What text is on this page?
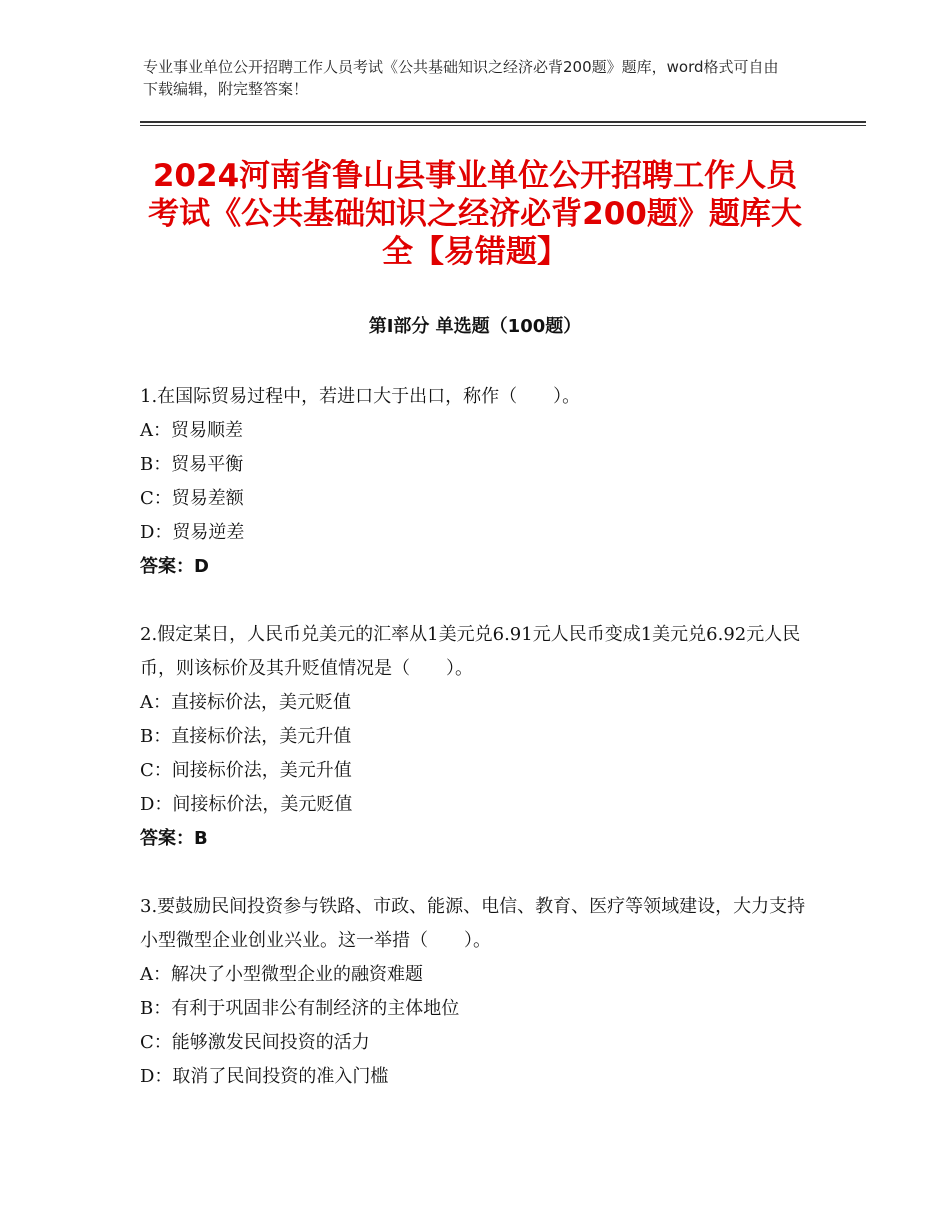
专业事业单位公开招聘工作人员考试《公共基础知识之经济必背200题》题库，word格式可自由下载编辑，附完整答案！
2024河南省鲁山县事业单位公开招聘工作人员考试《公共基础知识之经济必背200题》题库大全【易错题】
第Ⅰ部分 单选题（100题）

1.在国际贸易过程中，若进口大于出口，称作（　　）。

A：贸易顺差

B：贸易平衡

C：贸易差额

D：贸易逆差

答案：D

2.假定某日，人民币兑美元的汇率从1美元兑6.91元人民币变成1美元兑6.92元人民币，则该标价及其升贬值情况是（　　）。

A：直接标价法，美元贬值

B：直接标价法，美元升值

C：间接标价法，美元升值

D：间接标价法，美元贬值

答案：B

3.要鼓励民间投资参与铁路、市政、能源、电信、教育、医疗等领域建设，大力支持小型微型企业创业兴业。这一举措（　　）。

A：解决了小型微型企业的融资难题

B：有利于巩固非公有制经济的主体地位

C：能够激发民间投资的活力

D：取消了民间投资的准入门槛
